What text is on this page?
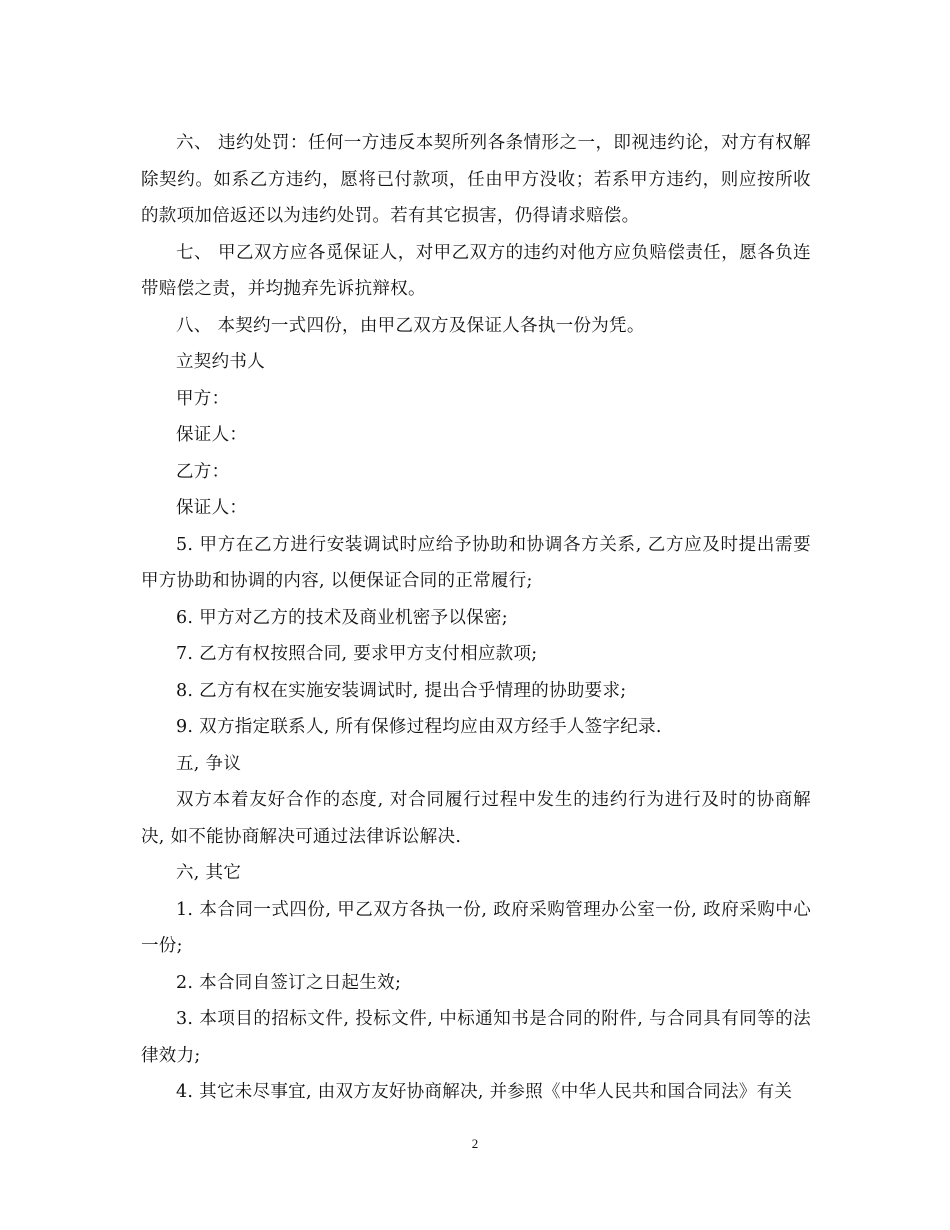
六、 违约处罚：任何一方违反本契所列各条情形之一，即视违约论，对方有权解除契约。如系乙方违约，愿将已付款项，任由甲方没收；若系甲方违约，则应按所收的款项加倍返还以为违约处罚。若有其它损害，仍得请求赔偿。

七、 甲乙双方应各觅保证人，对甲乙双方的违约对他方应负赔偿责任，愿各负连带赔偿之责，并均抛弃先诉抗辩权。

八、 本契约一式四份，由甲乙双方及保证人各执一份为凭。

立契约书人

甲方：

保证人：

乙方：

保证人：

5. 甲方在乙方进行安装调试时应给予协助和协调各方关系, 乙方应及时提出需要甲方协助和协调的内容, 以便保证合同的正常履行;

6. 甲方对乙方的技术及商业机密予以保密;

7. 乙方有权按照合同, 要求甲方支付相应款项;

8. 乙方有权在实施安装调试时, 提出合乎情理的协助要求;

9. 双方指定联系人, 所有保修过程均应由双方经手人签字纪录.

五, 争议

双方本着友好合作的态度, 对合同履行过程中发生的违约行为进行及时的协商解决, 如不能协商解决可通过法律诉讼解决.

六, 其它

1. 本合同一式四份, 甲乙双方各执一份, 政府采购管理办公室一份, 政府采购中心一份;

2. 本合同自签订之日起生效;

3. 本项目的招标文件, 投标文件, 中标通知书是合同的附件, 与合同具有同等的法律效力;

4. 其它未尽事宜, 由双方友好协商解决, 并参照《中华人民共和国合同法》有关

2
